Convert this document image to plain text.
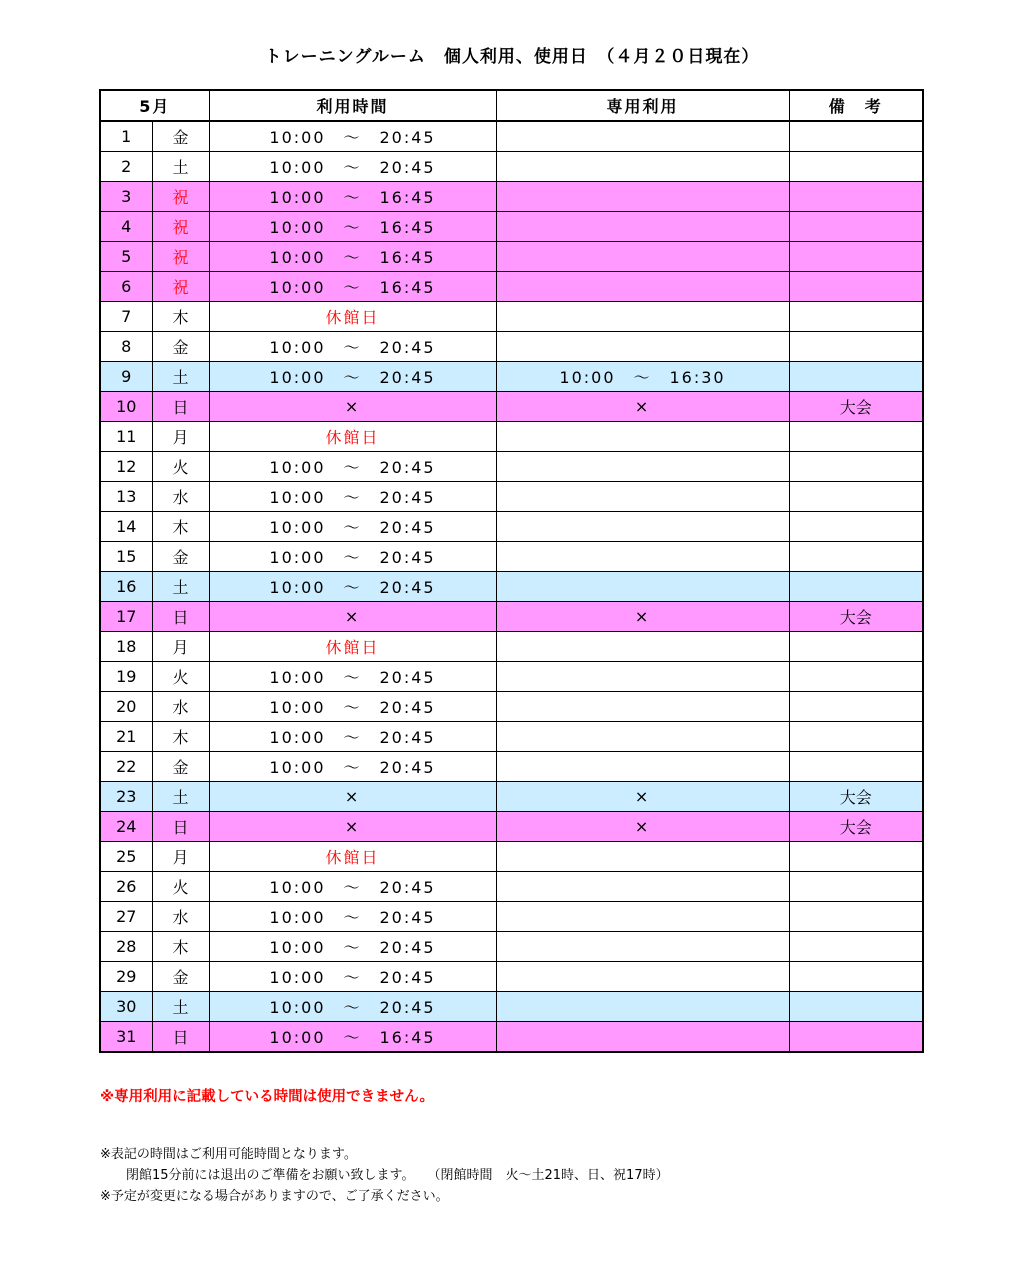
トレーニングルーム　個人利用、使用日　（４月２０日現在）
5月		利用時間	専用利用	備　考
1	金	10:00　～　20:45		
2	土	10:00　～　20:45		
3	祝	10:00　～　16:45		
4	祝	10:00　～　16:45		
5	祝	10:00　～　16:45		
6	祝	10:00　～　16:45		
7	木	休館日		
8	金	10:00　～　20:45		
9	土	10:00　～　20:45	10:00　～　16:30	
10	日	×	×	大会
11	月	休館日		
12	火	10:00　～　20:45		
13	水	10:00　～　20:45		
14	木	10:00　～　20:45		
15	金	10:00　～　20:45		
16	土	10:00　～　20:45		
17	日	×	×	大会
18	月	休館日		
19	火	10:00　～　20:45		
20	水	10:00　～　20:45		
21	木	10:00　～　20:45		
22	金	10:00　～　20:45		
23	土	×	×	大会
24	日	×	×	大会
25	月	休館日		
26	火	10:00　～　20:45		
27	水	10:00　～　20:45		
28	木	10:00　～　20:45		
29	金	10:00　～　20:45		
30	土	10:00　～　20:45		
31	日	10:00　～　16:45		
※専用利用に記載している時間は使用できません。
※表記の時間はご利用可能時間となります。
　　閉館15分前には退出のご準備をお願い致します。　　（閉館時間　火～土21時、日、祝17時）
※予定が変更になる場合がありますので、ご了承ください。
